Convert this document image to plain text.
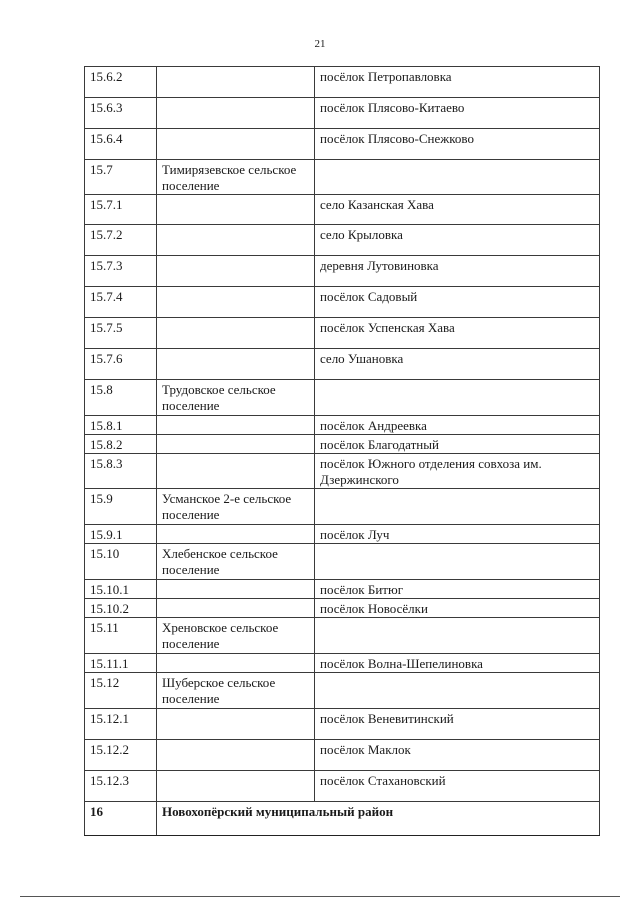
21
15.6.2		посёлок Петропавловка
15.6.3		посёлок Плясово-Китаево
15.6.4		посёлок Плясово-Снежково
15.7	Тимирязевское сельское поселение	
15.7.1		село Казанская Хава
15.7.2		село Крыловка
15.7.3		деревня Лутовиновка
15.7.4		посёлок Садовый
15.7.5		посёлок Успенская Хава
15.7.6		село Ушановка
15.8	Трудовское сельское поселение	
15.8.1		посёлок Андреевка
15.8.2		посёлок Благодатный
15.8.3		посёлок Южного отделения совхоза им. Дзержинского
15.9	Усманское 2-е сельское поселение	
15.9.1		посёлок Луч
15.10	Хлебенское сельское поселение	
15.10.1		посёлок Битюг
15.10.2		посёлок Новосёлки
15.11	Хреновское сельское поселение	
15.11.1		посёлок Волна-Шепелиновка
15.12	Шуберское сельское поселение	
15.12.1		посёлок Веневитинский
15.12.2		посёлок Маклок
15.12.3		посёлок Стахановский
16	Новохопёрский муниципальный район	
